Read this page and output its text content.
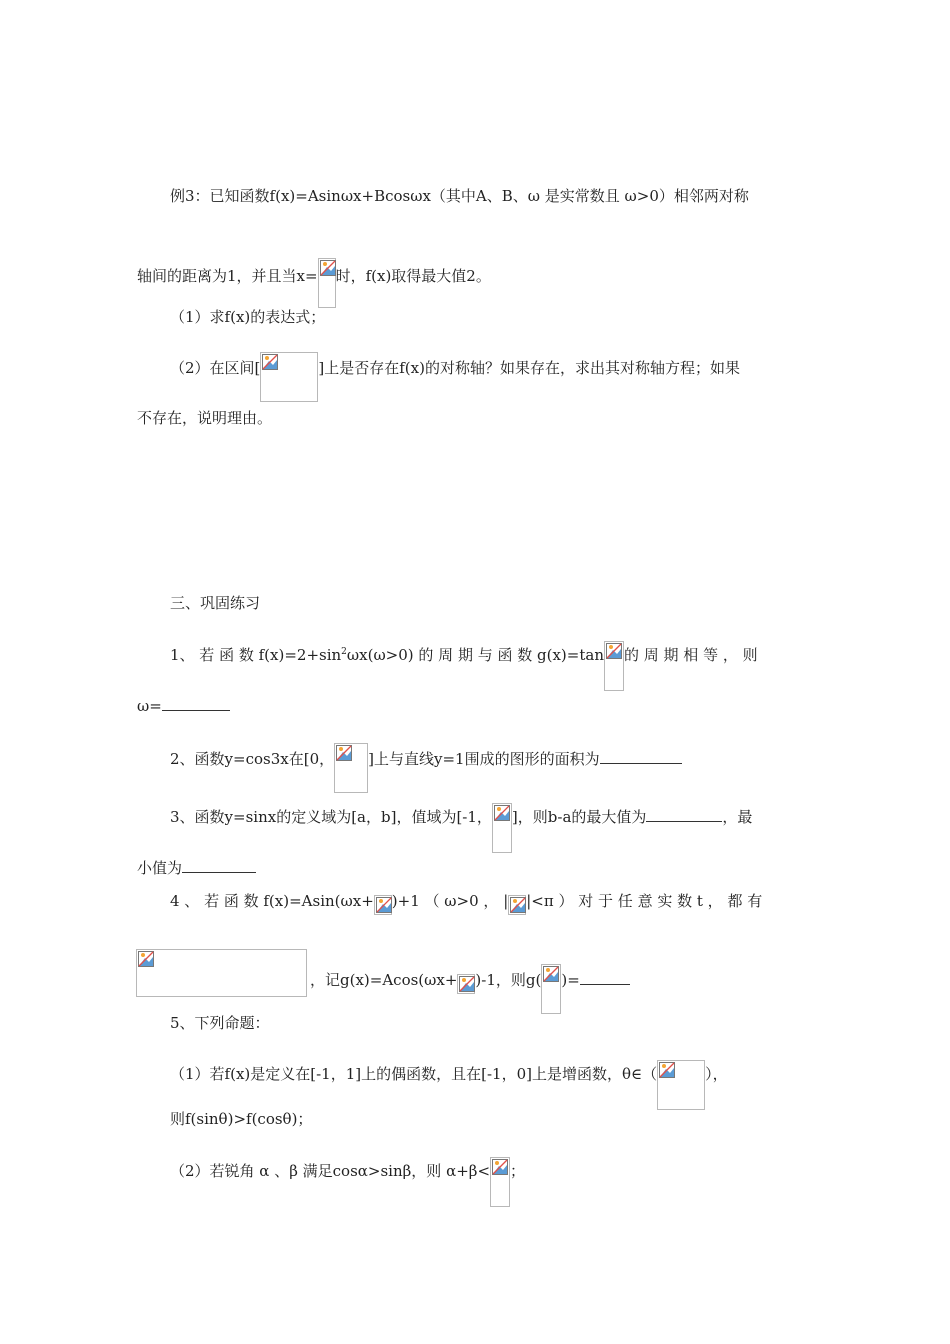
例3：已知函数f(x)=Asinωx+Bcosωx（其中A、B、ω 是实常数且 ω>0）相邻两对称
轴间的距离为1，并且当x= 时，f(x)取得最大值2。
（1）求f(x)的表达式；
（2）在区间[	]上是否存在f(x)的对称轴？如果存在，求出其对称轴方程；如果
不存在，说明理由。
三、巩固练习
1、 若 函 数 $f(x)=2+\sin^2\omega x(\omega>0)$ 的 周 期 与 函 数 g(x)=tan 的 周 期 相 等 ， 则
ω=
2、函数y=cos3x在[0， ]上与直线y=1围成的图形的面积为
3、函数y=sinx的定义域为[a，b]，值域为[-1， ]，则b-a的最大值为	，最
小值为
4 、 若 函 数 f(x)=Asin(ωx+ )+1 （ ω>0 ， | |<π ） 对 于 任 意 实 数 t ， 都 有
，记g(x)=Acos(ωx+ )-1，则g( )=
5、下列命题：
（1）若f(x)是定义在[-1，1]上的偶函数，且在[-1，0]上是增函数，θ∈（	），
则f(sinθ)>f(cosθ)；
（2）若锐角 α 、β 满足cosα>sinβ，则 α+β< ；
